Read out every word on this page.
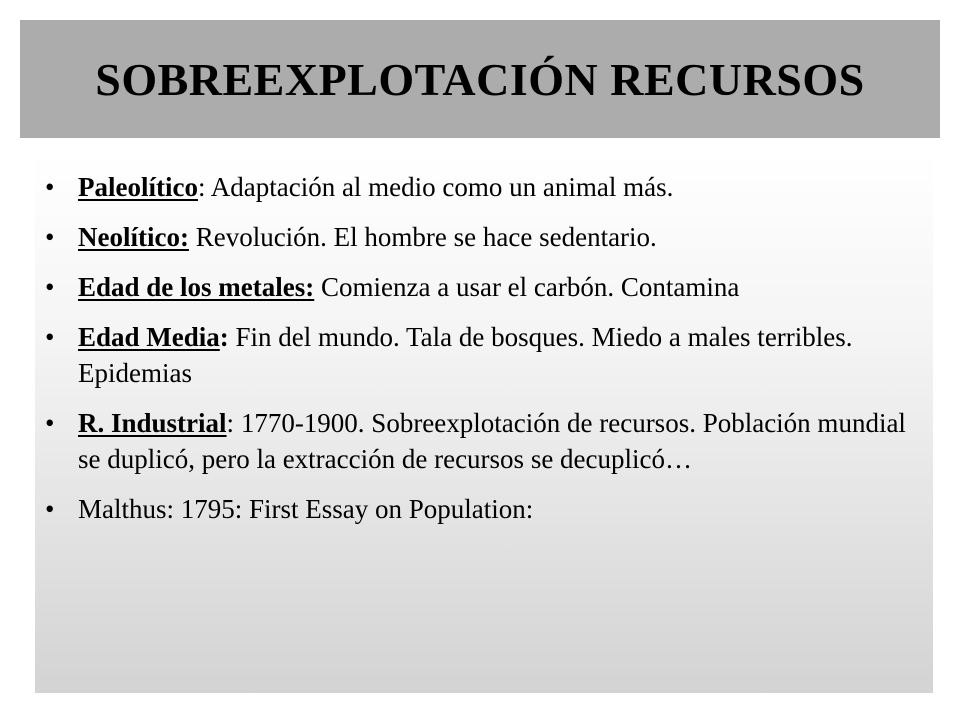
SOBREEXPLOTACIÓN RECURSOS
• Paleolítico: Adaptación al medio como un animal más.
• Neolítico: Revolución. El hombre se hace sedentario.
• Edad de los metales: Comienza a usar el carbón. Contamina
• Edad Media: Fin del mundo. Tala de bosques. Miedo a males terribles. Epidemias
• R. Industrial: 1770-1900. Sobreexplotación de recursos. Población mundial se duplicó, pero la extracción de recursos se decuplicó…
• Malthus: 1795: First Essay on Population:
